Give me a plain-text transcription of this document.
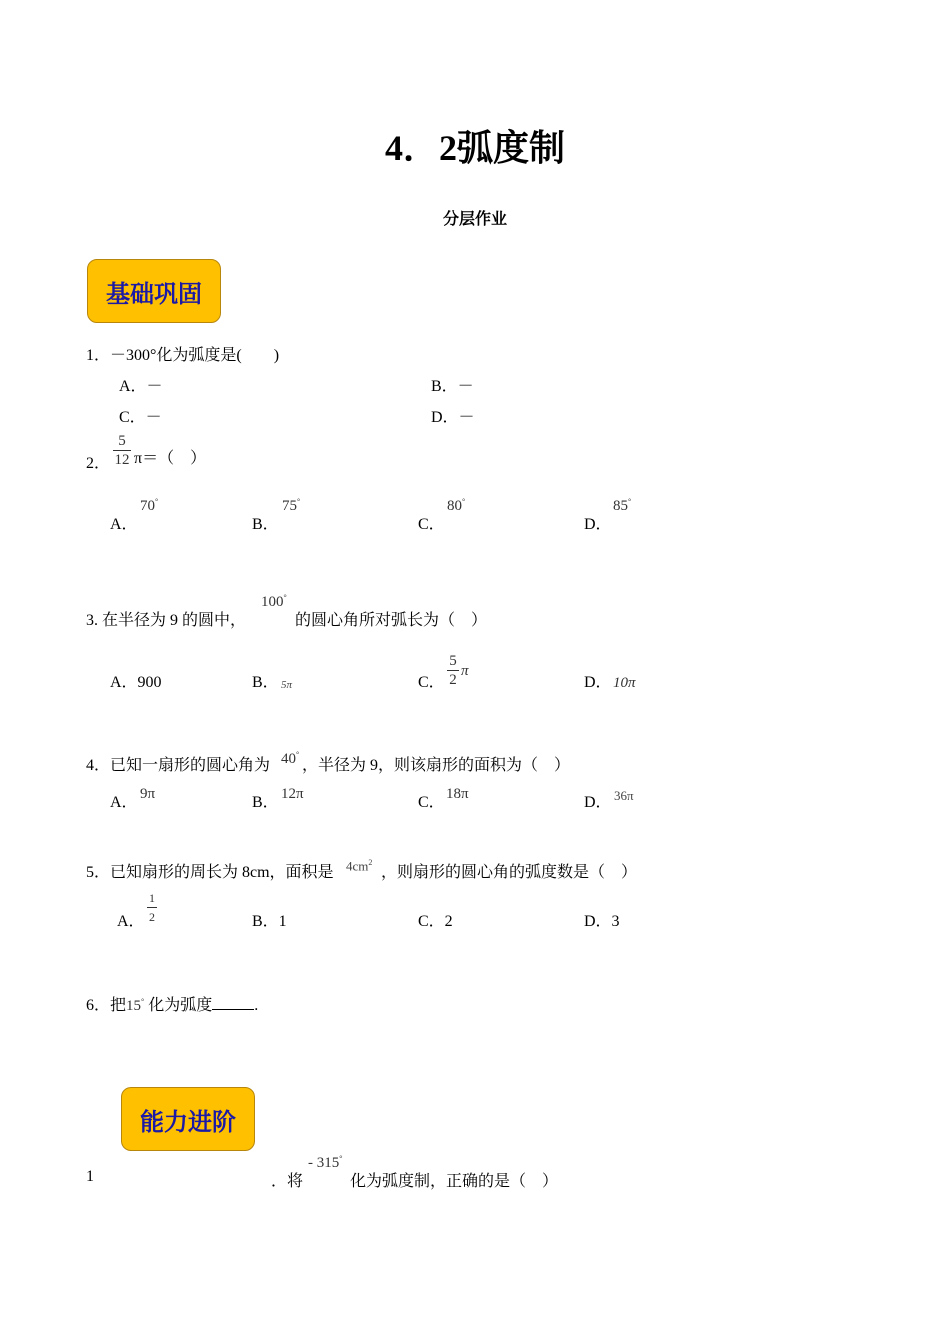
4．2弧度制
分层作业
基础巩固
1．－300°化为弧度是(　　)
A．－	B．－
C．－	D．－
2．
5
12 π＝（　）
A．
70°
B．
75°
C．
80°
D．
85°
3. 在半径为 9 的圆中，
100°
的圆心角所对弧长为（　）
A．900	B． 5π	C．
5
2
π
D． 10π
4．已知一扇形的圆心角为 40°
，半径为 9，则该扇形的面积为（　）
A． 9π	B． 12π	C． 18π	D． 36π
5．已知扇形的周长为 8cm，面积是 $4cm^2$
，则扇形的圆心角的弧度数是（　）
A．
1
2	B．1	C．2	D．3
6．把15° 化为弧度	.
能力进阶
1	．将
- 315°
化为弧度制，正确的是（　）
